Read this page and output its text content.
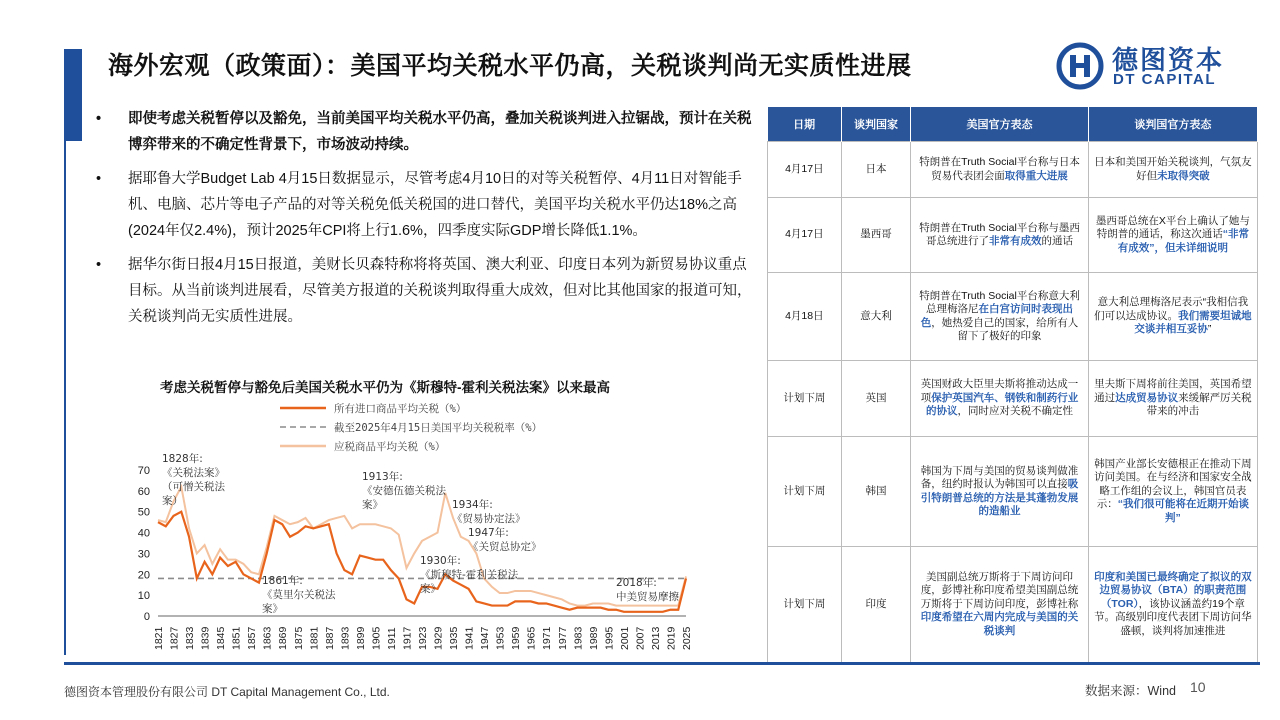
海外宏观（政策面）：美国平均关税水平仍高，关税谈判尚无实质性进展	德图资本
DT CAPITAL
• 即使考虑关税暂停以及豁免，当前美国平均关税水平仍高，叠加关税谈判进入拉锯战，预计在关税博弈带来的不确定性背景下，市场波动持续。
• 据耶鲁大学Budget Lab 4月15日数据显示，尽管考虑4月10日的对等关税暂停、4月11日对智能手机、电脑、芯片等电子产品的对等关税免低关税国的进口替代，美国平均关税水平仍达18%之高(2024年仅2.4%)，预计2025年CPI将上行1.6%，四季度实际GDP增长降低1.1%。
• 据华尔街日报4月15日报道，美财长贝森特称将将英国、澳大利亚、印度日本列为新贸易协议重点目标。从当前谈判进展看，尽管美方报道的关税谈判取得重大成效，但对比其他国家的报道可知，关税谈判尚无实质性进展。
考虑关税暂停与豁免后美国关税水平仍为《斯穆特-霍利关税法案》以来最高
0
10
20
30
40
50
60
70
1821 1827 1833 1839 1845 1851 1857 1863 1869 1875 1881 1887 1893 1899 1905 1911 1917 1923 1929 1935 1941 1947 1953 1959 1965 1971 1977 1983 1989 1995 2001 2007 2013 2019 2025
所有进口商品平均关税（%）
截至2025年4月15日美国平均关税税率（%）
应税商品平均关税（%）
1828年:
《关税法案》
（可憎关税法
案）
1861年:
《莫里尔关税法
案》
1913年:
《安德伍德关税法
案》	1934年:
《贸易协定法》
1947年:
《关贸总协定》
1930年:
《斯穆特-霍利关税法
案》	2018年:
中美贸易摩擦
日期	谈判国家	美国官方表态	谈判国官方表态
4月17日	日本	特朗普在Truth Social平台称与日本贸易代表团会面取得重大进展	日本和美国开始关税谈判，气氛友好但未取得突破
4月17日	墨西哥	特朗普在Truth Social平台称与墨西哥总统进行了非常有成效的通话	墨西哥总统在X平台上确认了她与特朗普的通话，称这次通话“非常有成效”，但未详细说明
4月18日	意大利	特朗普在Truth Social平台称意大利总理梅洛尼在白宫访问时表现出色，她热爱自己的国家，给所有人留下了极好的印象	意大利总理梅洛尼表示“我相信我们可以达成协议。我们需要坦诚地交谈并相互妥协”
计划下周	英国	英国财政大臣里夫斯将推动达成一项保护英国汽车、钢铁和制药行业的协议，同时应对关税不确定性	里夫斯下周将前往美国，英国希望通过达成贸易协议来缓解严厉关税带来的冲击
计划下周	韩国	韩国为下周与美国的贸易谈判做准备，纽约时报认为韩国可以直接吸引特朗普总统的方法是其蓬勃发展的造船业	韩国产业部长安德根正在推动下周访问美国。在与经济和国家安全战略工作组的会议上，韩国官员表示：“我们很可能将在近期开始谈判”
计划下周	印度	美国副总统万斯将于下周访问印度，彭博社称印度希望美国副总统万斯将于下周访问印度，彭博社称印度希望在六周内完成与美国的关税谈判	印度和美国已最终确定了拟议的双边贸易协议（BTA）的职责范围（TOR），该协议涵盖约19个章节。高级别印度代表团下周访问华盛顿，谈判将加速推进
德图资本管理股份有限公司 DT Capital Management Co., Ltd.	数据来源：Wind 10
